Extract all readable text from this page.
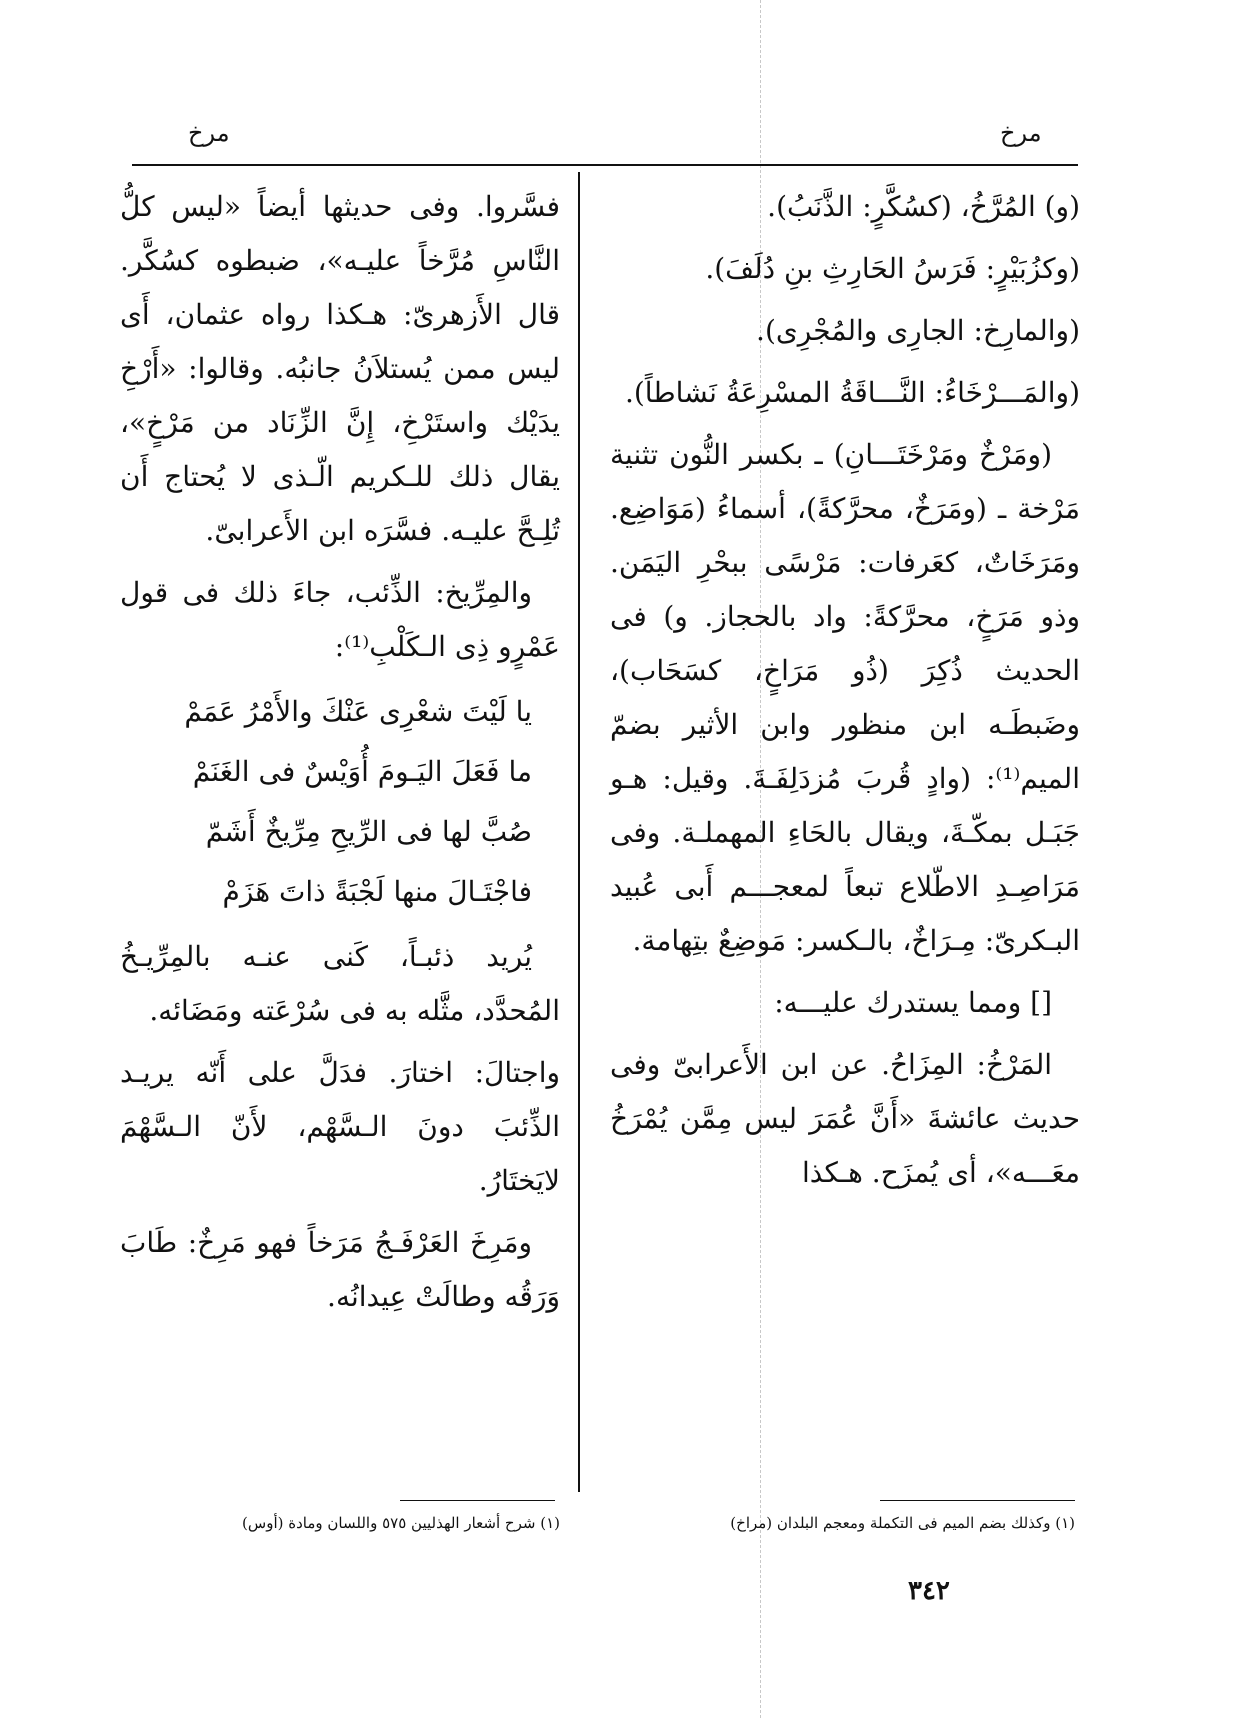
مرخ	مرخ

(و) المُرَّخُ، (كسُكَّرٍ: الذَّنَبُ).

(وكزُبَيْرٍ: فَرَسُ الحَارِثِ بنِ دُلَفَ).

(والمارِخ: الجارِى والمُجْرِى).

(والمَـــرْخَاءُ: النَّـــاقَةُ المسْرِعَةُ نَشاطاً).

(ومَرْخٌ ومَرْخَتَـــانِ) ـ بكسر النُّون تثنية مَرْخة ـ (ومَرَخٌ، محرَّكةً)، أسماءُ (مَوَاضِع. ومَرَخَاتٌ، كعَرفات: مَرْسًى ببحْرِ اليَمَن. وذو مَرَخٍ، محرَّكةً: واد بالحجاز. و) فى الحديث ذُكِرَ (ذُو مَرَاخٍ، كسَحَاب)، وضَبطَـه ابن منظور وابن الأثير بضمّ الميم⁽¹⁾: (وادٍ قُربَ مُزدَلِفَـةَ. وقيل: هـو جَبَـل بمكّـةَ، ويقال بالحَاءِ المهملـة. وفى مَرَاصِـدِ الاطّلاع تبعاً لمعجـــم أَبى عُبيد البـكرىّ: مِـرَاخٌ، بالـكسر: مَوضِعٌ بتِهامة.

[] ومما يستدرك عليـــه:

المَرْخُ: المِزَاحُ. عن ابن الأَعرابىّ وفى حديث عائشةَ «أَنَّ عُمَرَ ليس مِمَّن يُمْرَخُ معَـــه»، أى يُمزَح. هـكذا

فسَّروا. وفى حديثها أيضاً «ليس كلُّ النَّاسِ مُرَّخاً عليـه»، ضبطوه كسُكَّر. قال الأَزهرىّ: هـكذا رواه عثمان، أَى ليس ممن يُستلاَنُ جانبُه. وقالوا: «أَرْخِ يدَيْك واستَرْخِ، إِنَّ الزِّنَاد من مَرْخٍ»، يقال ذلك للـكريم الّـذى لا يُحتاج أَن تُلِـحَّ عليـه. فسَّرَه ابن الأَعرابىّ.

والمِرِّيخ: الذِّئب، جاءَ ذلك فى قول عَمْرٍو ذِى الـكَلْبِ⁽¹⁾:

يا لَيْتَ شعْرِى عَنْكَ والأَمْرُ عَمَمْ
ما فَعَلَ اليَـومَ أُوَيْسٌ فى الغَنَمْ
صُبَّ لها فى الرِّيحِ مِرِّيخٌ أَشَمّ
فاجْتَـالَ منها لَجْبَةً ذاتَ هَزَمْ

يُريد ذئبـاً، كَنى عنـه بالمِرِّيـخُ المُحدَّد، مثَّله به فى سُرْعَته ومَضَائه.

واجتالَ: اختارَ. فدَلَّ على أَنّه يريـد الذِّئبَ دونَ الـسَّهْم، لأَنّ الـسَّهْمَ لايَختَارُ.

ومَرِخَ العَرْفَـجُ مَرَخاً فهو مَرِخٌ: طَابَ وَرَقُه وطالَتْ عِيدانُه.

(١) شرح أشعار الهذليين ٥٧٥ واللسان ومادة (أوس)	(١) وكذلك بضم الميم فى التكملة ومعجم البلدان (مراخ)
٣٤٢
